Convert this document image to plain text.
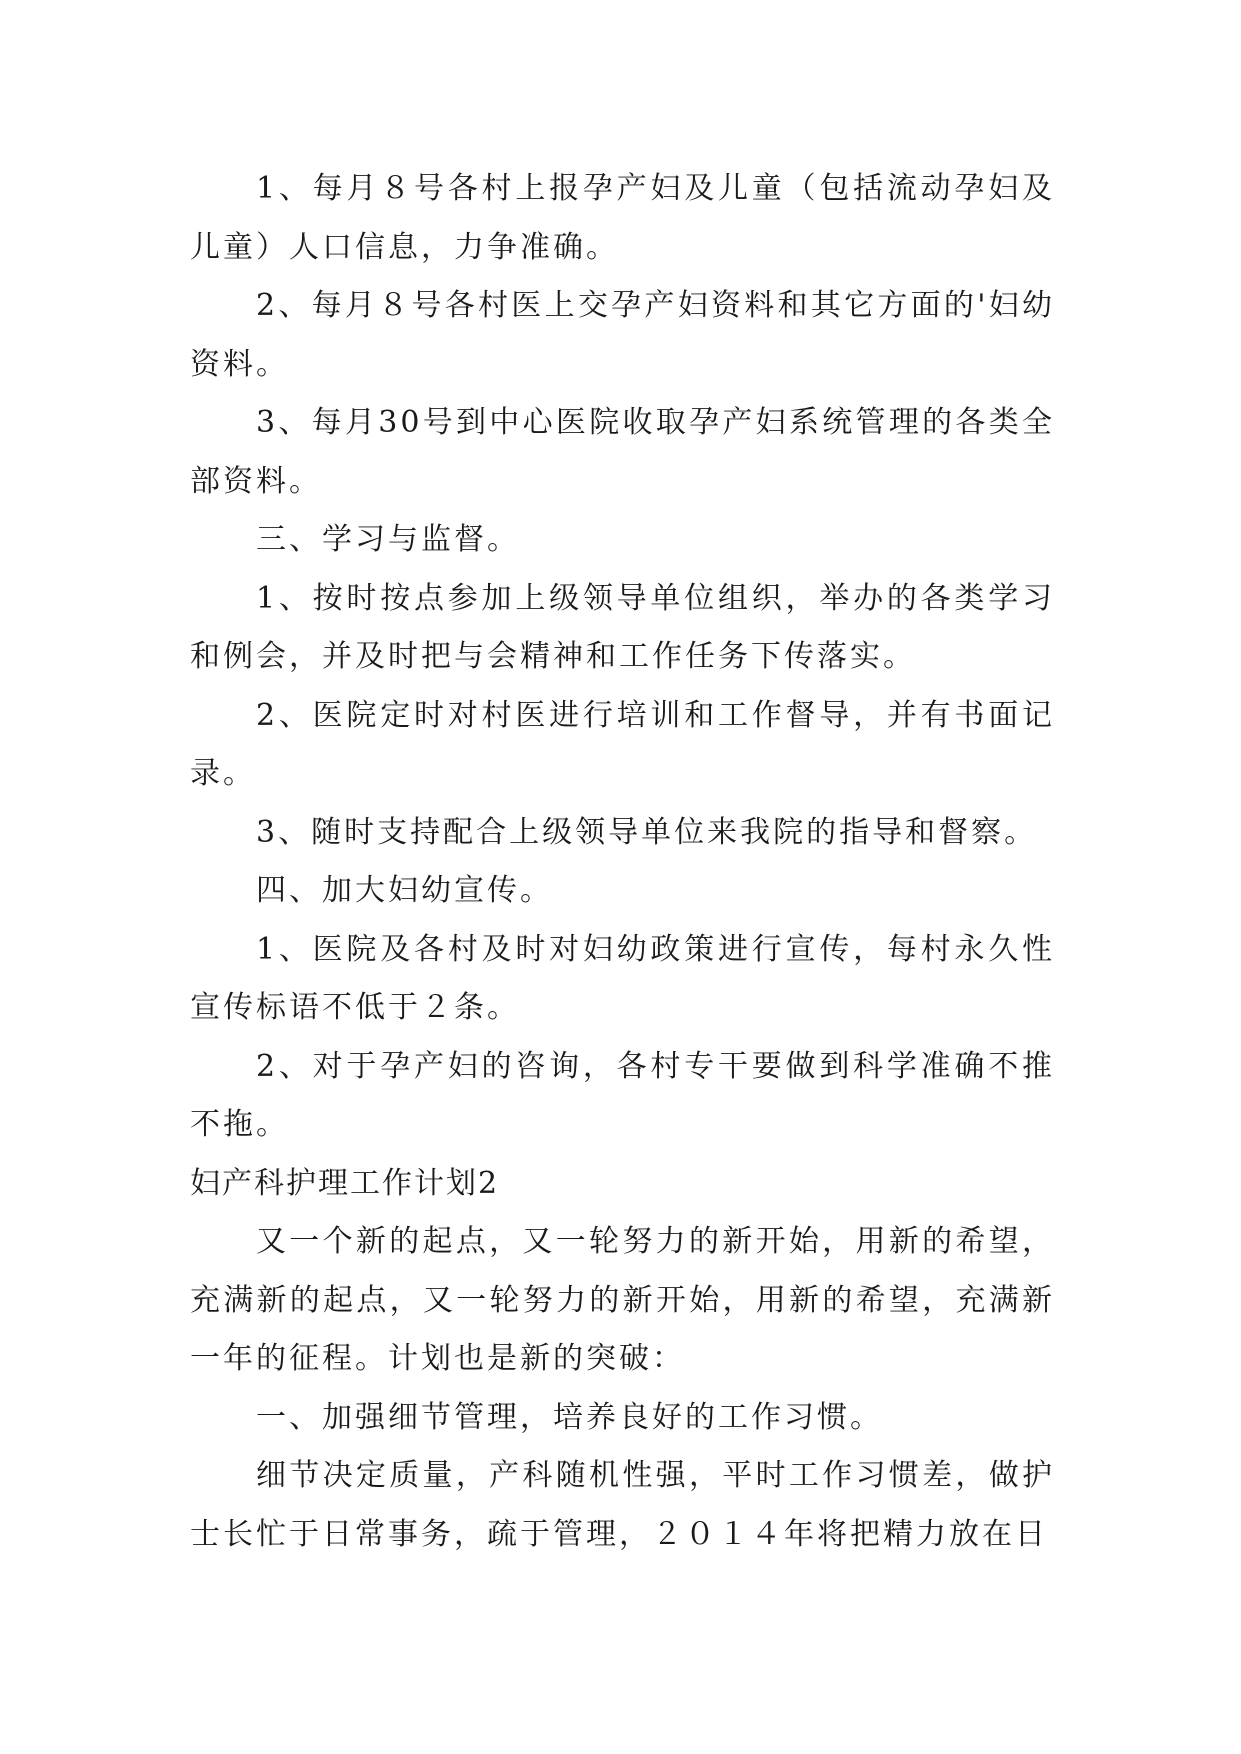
1、每月８号各村上报孕产妇及儿童（包括流动孕妇及儿童）人口信息，力争准确。

2、每月８号各村医上交孕产妇资料和其它方面的'妇幼资料。

3、每月30号到中心医院收取孕产妇系统管理的各类全部资料。

三、学习与监督。

1、按时按点参加上级领导单位组织，举办的各类学习和例会，并及时把与会精神和工作任务下传落实。

2、医院定时对村医进行培训和工作督导，并有书面记录。

3、随时支持配合上级领导单位来我院的指导和督察。

四、加大妇幼宣传。

1、医院及各村及时对妇幼政策进行宣传，每村永久性宣传标语不低于２条。

2、对于孕产妇的咨询，各村专干要做到科学准确不推不拖。

妇产科护理工作计划2

又一个新的起点，又一轮努力的新开始，用新的希望，充满新的起点，又一轮努力的新开始，用新的希望，充满新一年的征程。计划也是新的突破：

一、加强细节管理，培养良好的工作习惯。

细节决定质量，产科随机性强，平时工作习惯差，做护士长忙于日常事务，疏于管理，２０１４年将把精力放在日
